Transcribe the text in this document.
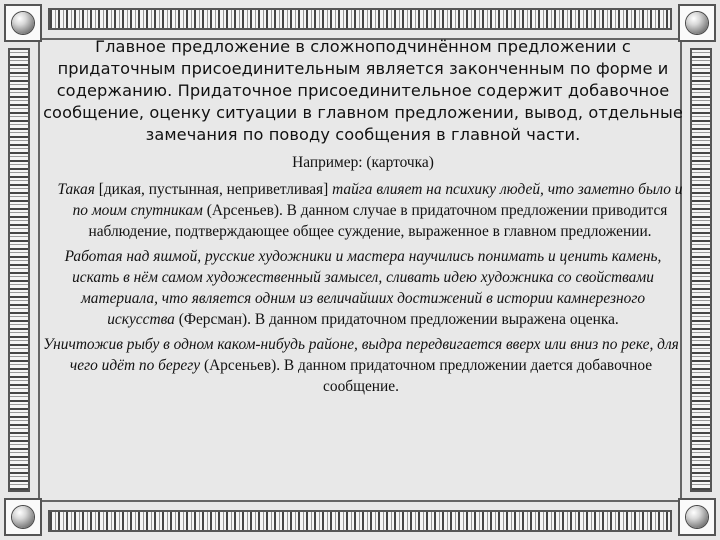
Главное предложение в сложноподчинённом предложении с придаточным присоединительным является законченным по форме и содержанию. Придаточное присоединительное содержит добавочное сообщение, оценку ситуации в главном предложении, вывод, отдельные замечания по поводу сообщения в главной части.

Например: (карточка)

Такая [дикая, пустынная, неприветливая] тайга влияет на психику людей, что заметно было и по моим спутникам (Арсеньев). В данном случае в придаточном предложении приводится наблюдение, подтверждающее общее суждение, выраженное в главном предложении.

Работая над яшмой, русские художники и мастера научились понимать и ценить камень, искать в нём самом художественный замысел, сливать идею художника со свойствами материала, что является одним из величайших достижений в истории камнерезного искусства (Ферсман). В данном придаточном предложении выражена оценка.

Уничтожив рыбу в одном каком-нибудь районе, выдра передвигается вверх или вниз по реке, для чего идёт по берегу (Арсеньев). В данном придаточном предложении дается добавочное сообщение.
